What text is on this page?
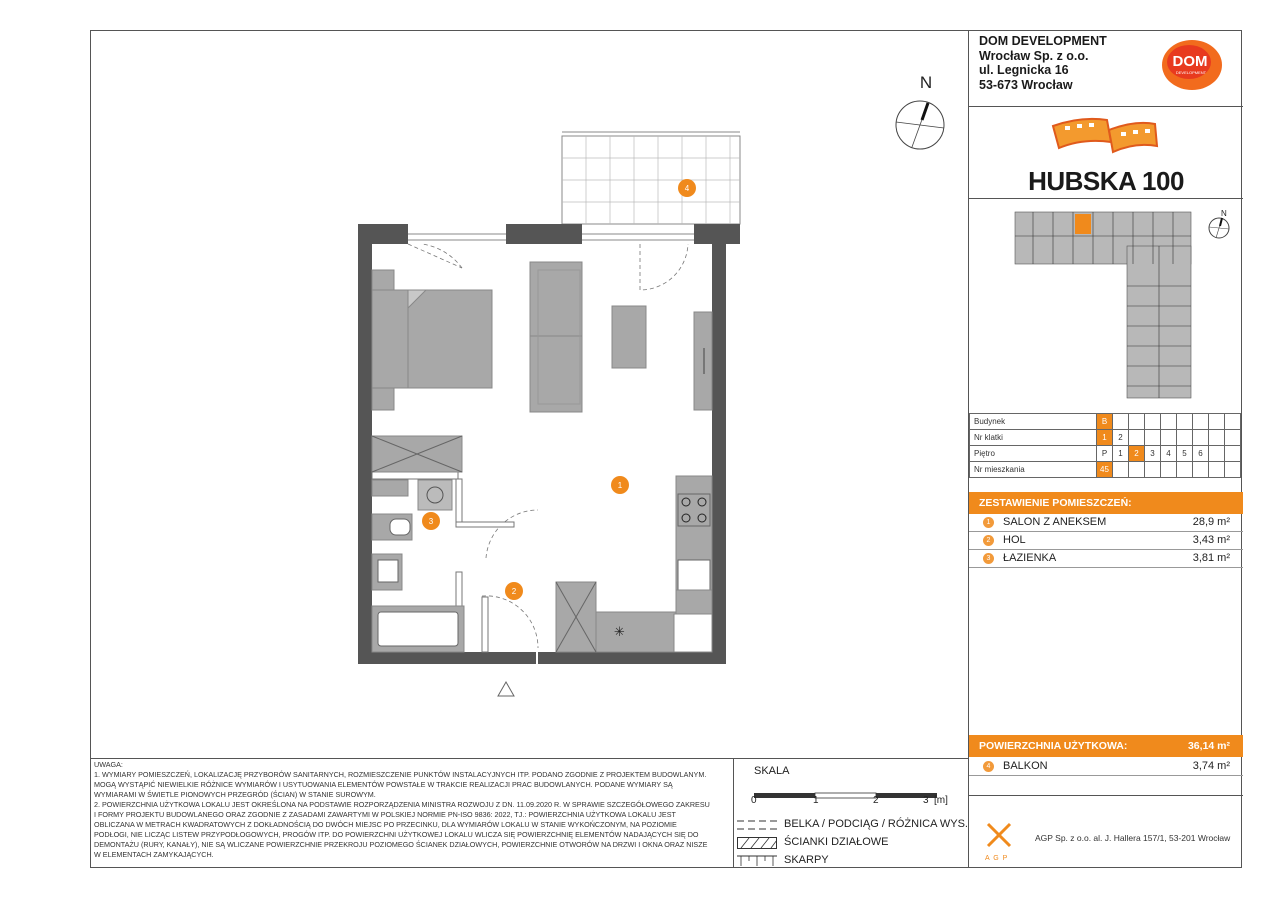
N
✳
1
2
3
4
DOM DEVELOPMENT
Wrocław Sp. z o.o.
ul. Legnicka 16
53-673 Wrocław
DOM
DEVELOPMENT
HUBSKA 100
N
Budynek	B								
Nr klatki	1	2							
Piętro	P	1	2	3	4	5	6		
Nr mieszkania	45								
ZESTAWIENIE POMIESZCZEŃ:
1	SALON Z ANEKSEM	28,9 m²
2	HOL	3,43 m²
3	ŁAZIENKA	3,81 m²
POWIERZCHNIA UŻYTKOWA:	36,14 m²
4	BALKON	3,74 m²
A G P
AGP Sp. z o.o. al. J. Hallera 157/1, 53-201 Wrocław
UWAGA:
1. WYMIARY POMIESZCZEŃ, LOKALIZACJĘ PRZYBORÓW SANITARNYCH, ROZMIESZCZENIE PUNKTÓW INSTALACYJNYCH ITP. PODANO ZGODNIE Z PROJEKTEM BUDOWLANYM.
MOGĄ WYSTĄPIĆ NIEWIELKIE RÓŻNICE WYMIARÓW I USYTUOWANIA ELEMENTÓW POWSTAŁE W TRAKCIE REALIZACJI PRAC BUDOWLANYCH. PODANE WYMIARY SĄ
WYMIARAMI W ŚWIETLE PIONOWYCH PRZEGRÓD (ŚCIAN) W STANIE SUROWYM.
2. POWIERZCHNIA UŻYTKOWA LOKALU JEST OKREŚLONA NA PODSTAWIE ROZPORZĄDZENIA MINISTRA ROZWOJU Z DN. 11.09.2020 R. W SPRAWIE SZCZEGÓŁOWEGO ZAKRESU
I FORMY PROJEKTU BUDOWLANEGO ORAZ ZGODNIE Z ZASADAMI ZAWARTYMI W POLSKIEJ NORMIE PN-ISO 9836: 2022, TJ.: POWIERZCHNIA UŻYTKOWA LOKALU JEST
OBLICZANA W METRACH KWADRATOWYCH Z DOKŁADNOŚCIĄ DO DWÓCH MIEJSC PO PRZECINKU, DLA WYMIARÓW LOKALU W STANIE WYKOŃCZONYM, NA POZIOMIE
PODŁOGI, NIE LICZĄC LISTEW PRZYPODŁOGOWYCH, PROGÓW ITP. DO POWIERZCHNI UŻYTKOWEJ LOKALU WLICZA SIĘ POWIERZCHNIĘ ELEMENTÓW NADAJĄCYCH SIĘ DO
DEMONTAŻU (RURY, KANAŁY), NIE SĄ WLICZANE POWIERZCHNIE PRZEKROJU POZIOMEGO ŚCIANEK DZIAŁOWYCH, POWIERZCHNIE OTWORÓW NA DRZWI I OKNA ORAZ NISZE
W ELEMENTACH ZAMYKAJĄCYCH.
SKALA
0	1	2	3 [m]
BELKA / PODCIĄG / RÓŻNICA WYS.
ŚCIANKI DZIAŁOWE
SKARPY
